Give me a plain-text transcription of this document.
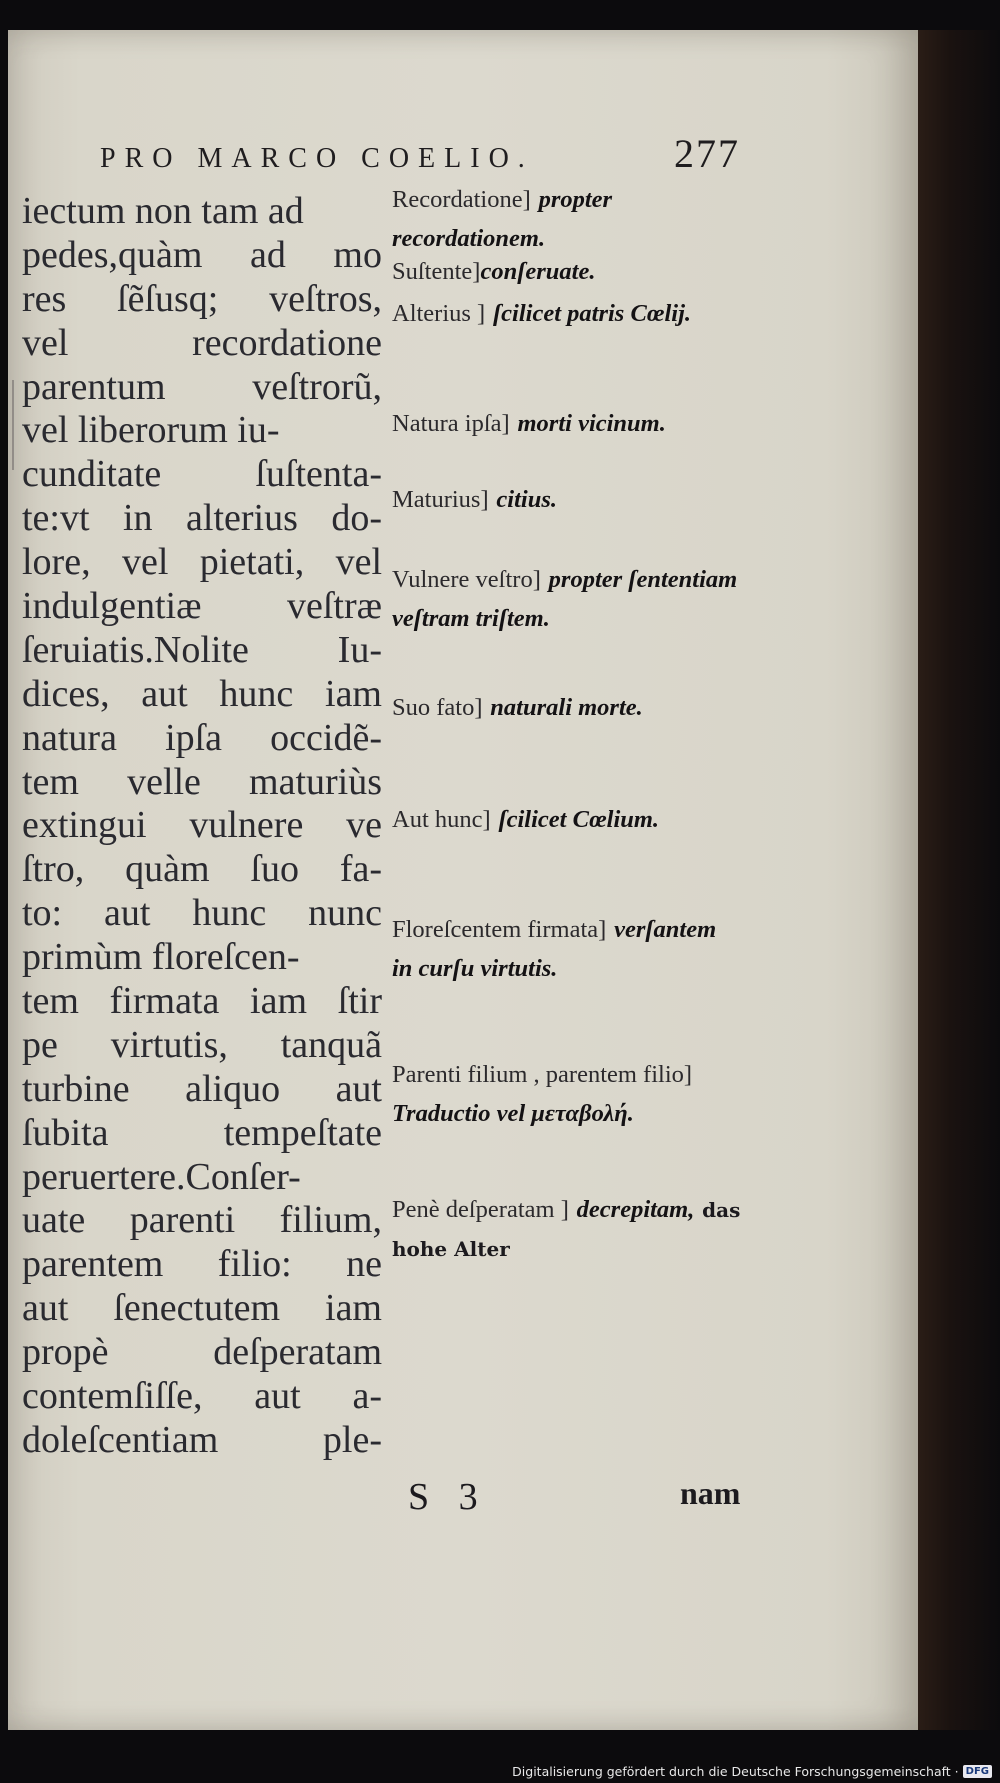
PRO MARCO COELIO.	277
iectum non tam ad
pedes,quàm ad mo
res ſẽſusq; veſtros,
vel recordatione
parentum veſtrorũ,
vel liberorum iu-
cunditate ſuſtenta-
te:vt in alterius do-
lore, vel pietati, vel
indulgentiæ veſtræ
ſeruiatis.Nolite Iu-
dices, aut hunc iam
natura ipſa occidẽ-
tem velle maturiùs
extingui vulnere ve
ſtro, quàm ſuo fa-
to: aut hunc nunc
primùm floreſcen-
tem firmata iam ſtir
pe virtutis, tanquã
turbine aliquo aut
ſubita tempeſtate
peruertere.Conſer-
uate parenti filium,
parentem filio: ne
aut ſenectutem iam
propè deſperatam
contemſiſſe, aut a-
doleſcentiam ple-
Recordatione] propter recordationem.
Suſtente]conſeruate.
Alterius ] ſcilicet patris Cœlij.
Natura ipſa] morti vicinum.
Maturius] citius.
Vulnere veſtro] propter ſententiam veſtram triſtem.
Suo fato] naturali morte.
Aut hunc] ſcilicet Cœlium.
Floreſcentem firmata] verſantem in curſu virtutis.
Parenti filium , parentem filio] Traductio vel μεταβολή.
Penè deſperatam ] decrepitam, das hohe Alter
S 3	nam
Digitalisierung gefördert durch die Deutsche Forschungsgemeinschaft · DFG
